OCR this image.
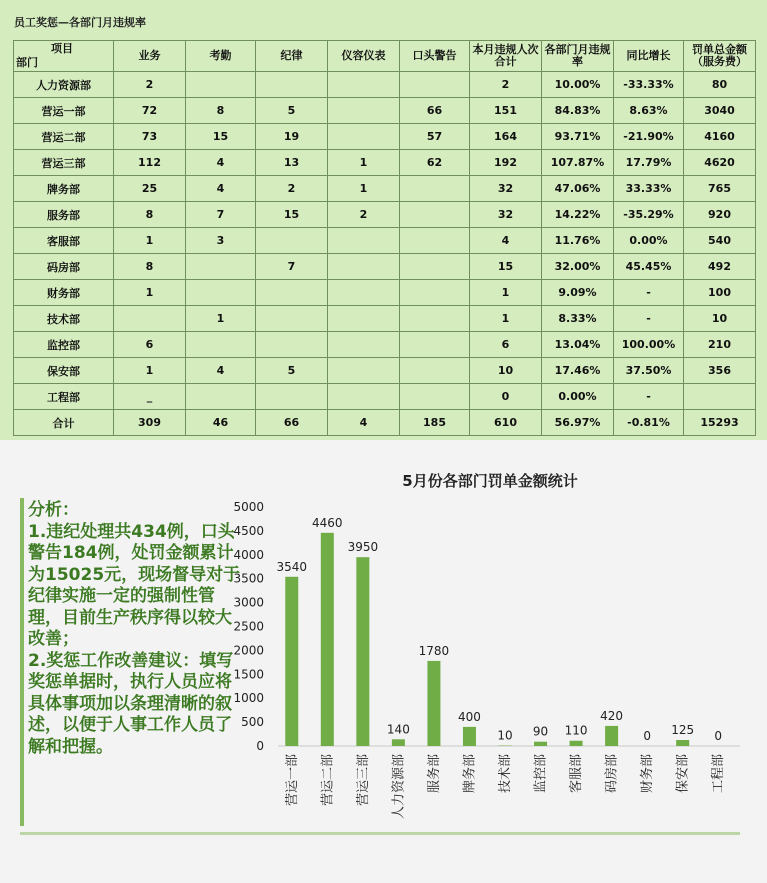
员工奖惩—各部门月违规率
项目
部门	业务	考勤	纪律	仪容仪表	口头警告	本月违规人次合计	各部门月违规率	同比增长	罚单总金额（服务费）
人力资源部	2					2	10.00%	-33.33%	80
营运一部	72	8	5		66	151	84.83%	8.63%	3040
营运二部	73	15	19		57	164	93.71%	-21.90%	4160
营运三部	112	4	13	1	62	192	107.87%	17.79%	4620
牌务部	25	4	2	1		32	47.06%	33.33%	765
服务部	8	7	15	2		32	14.22%	-35.29%	920
客服部	1	3				4	11.76%	0.00%	540
码房部	8		7			15	32.00%	45.45%	492
财务部	1					1	9.09%	-	100
技术部		1				1	8.33%	-	10
监控部	6					6	13.04%	100.00%	210
保安部	1	4	5			10	17.46%	37.50%	356
工程部	_					0	0.00%	-	
合计	309	46	66	4	185	610	56.97%	-0.81%	15293
分析：
1.违纪处理共434例，口头警告184例，处罚金额累计为15025元，现场督导对于纪律实施一定的强制性管理，目前生产秩序得以较大改善；
2.奖惩工作改善建议：填写奖惩单据时，执行人员应将具体事项加以条理清晰的叙述，以便于人事工作人员了解和把握。
5月份各部门罚单金额统计
0
500
1000
1500
2000
2500
3000
3500
4000
4500
5000
3540
营运一部
4460
营运二部
3950
营运三部
140
人力资源部
1780
服务部
400
牌务部
10
技术部
90
监控部
110
客服部
420
码房部
0
财务部
125
保安部
0
工程部
